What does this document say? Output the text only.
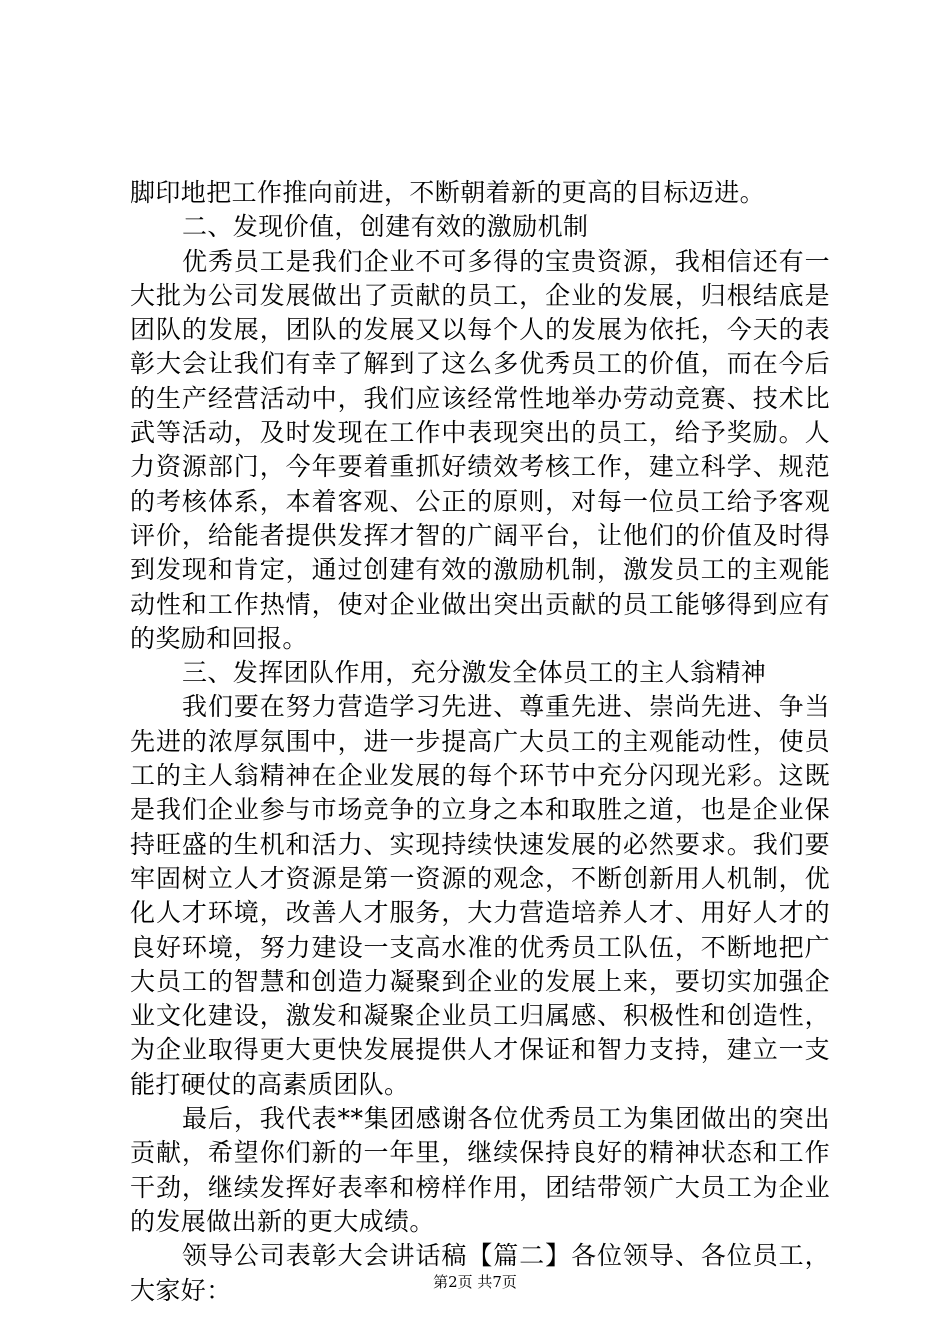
脚印地把工作推向前进，不断朝着新的更高的目标迈进。

二、发现价值，创建有效的激励机制

优秀员工是我们企业不可多得的宝贵资源，我相信还有一大批为公司发展做出了贡献的员工，企业的发展，归根结底是团队的发展，团队的发展又以每个人的发展为依托，今天的表彰大会让我们有幸了解到了这么多优秀员工的价值，而在今后的生产经营活动中，我们应该经常性地举办劳动竞赛、技术比武等活动，及时发现在工作中表现突出的员工，给予奖励。人力资源部门，今年要着重抓好绩效考核工作，建立科学、规范的考核体系，本着客观、公正的原则，对每一位员工给予客观评价，给能者提供发挥才智的广阔平台，让他们的价值及时得到发现和肯定，通过创建有效的激励机制，激发员工的主观能动性和工作热情，使对企业做出突出贡献的员工能够得到应有的奖励和回报。

三、发挥团队作用，充分激发全体员工的主人翁精神

我们要在努力营造学习先进、尊重先进、崇尚先进、争当先进的浓厚氛围中，进一步提高广大员工的主观能动性，使员工的主人翁精神在企业发展的每个环节中充分闪现光彩。这既是我们企业参与市场竞争的立身之本和取胜之道，也是企业保持旺盛的生机和活力、实现持续快速发展的必然要求。我们要牢固树立人才资源是第一资源的观念，不断创新用人机制，优化人才环境，改善人才服务，大力营造培养人才、用好人才的良好环境，努力建设一支高水准的优秀员工队伍，不断地把广大员工的智慧和创造力凝聚到企业的发展上来，要切实加强企业文化建设，激发和凝聚企业员工归属感、积极性和创造性，为企业取得更大更快发展提供人才保证和智力支持，建立一支能打硬仗的高素质团队。

最后，我代表**集团感谢各位优秀员工为集团做出的突出贡献，希望你们新的一年里，继续保持良好的精神状态和工作干劲，继续发挥好表率和榜样作用，团结带领广大员工为企业的发展做出新的更大成绩。

领导公司表彰大会讲话稿【篇二】各位领导、各位员工，大家好：	第2页 共7页
